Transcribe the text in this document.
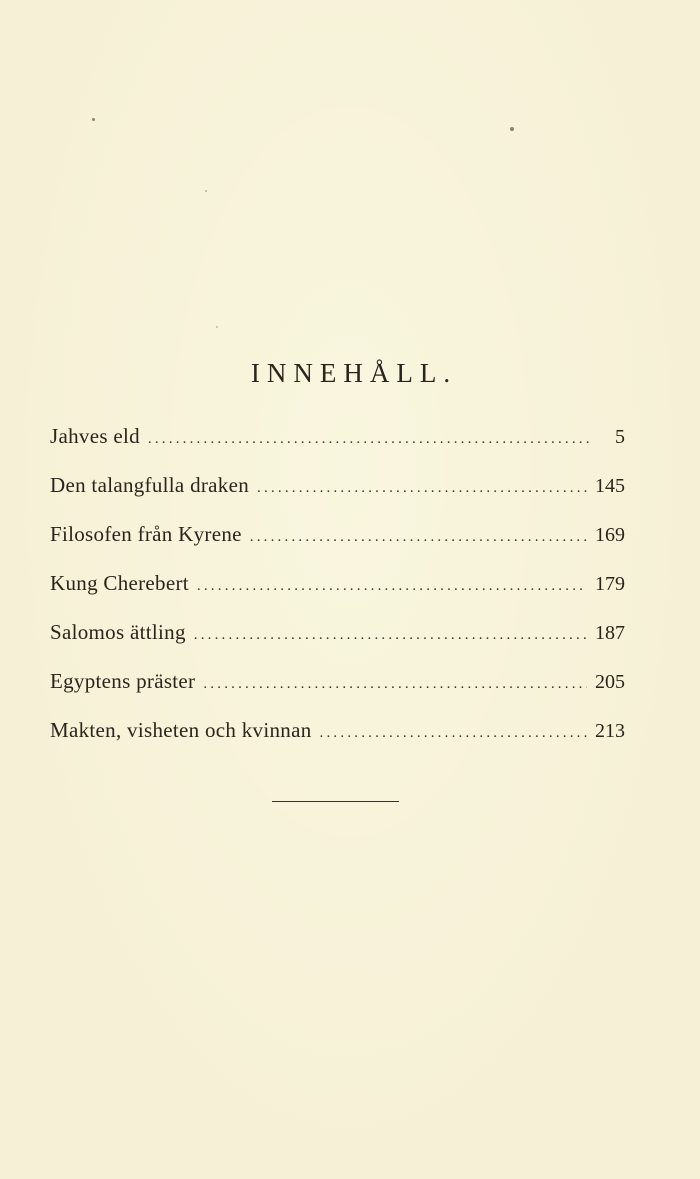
INNEHÅLL.
Jahves eld .....	5
Den talangfulla draken .....	145
Filosofen från Kyrene .....	169
Kung Cherebert .....	179
Salomos ättling .....	187
Egyptens präster .....	205
Makten, visheten och kvinnan .....	213
